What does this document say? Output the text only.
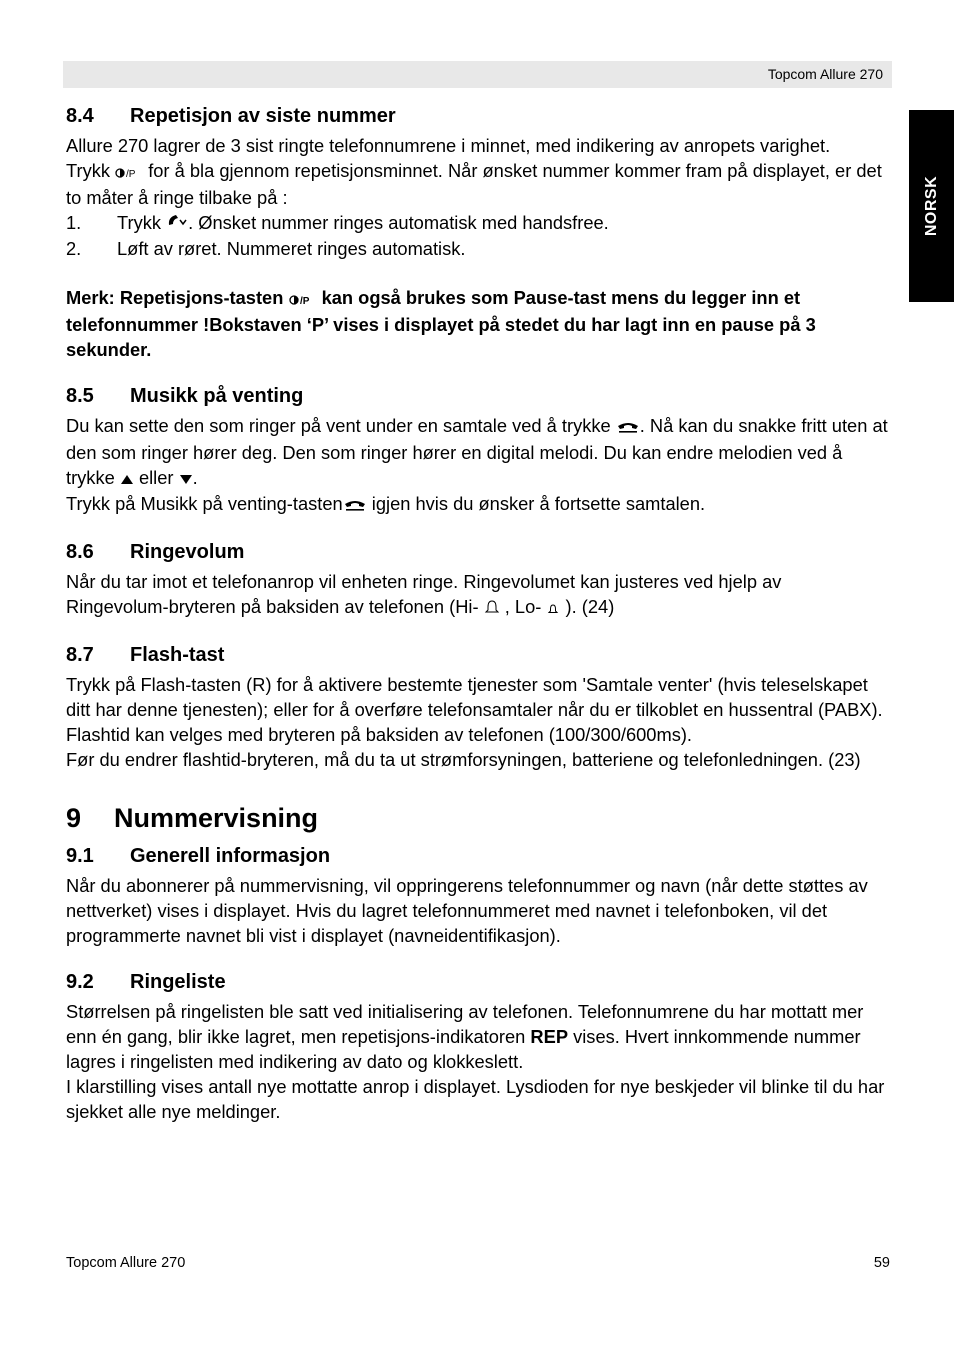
Topcom Allure 270
NORSK
8.4 Repetisjon av siste nummer

Allure 270 lagrer de 3 sist ringte telefonnumrene i minnet, med indikering av anropets varighet.

Trykk /P for å bla gjennom repetisjonsminnet. Når ønsket nummer kommer fram på displayet, er det to måter å ringe tilbake på :

1.	Trykk . Ønsket nummer ringes automatisk med handsfree.
2.	Løft av røret. Nummeret ringes automatisk.

Merk: Repetisjons-tasten /P kan også brukes som Pause-tast mens du legger inn et telefonnummer !Bokstaven ‘P’ vises i displayet på stedet du har lagt inn en pause på 3 sekunder.

8.5 Musikk på venting

Du kan sette den som ringer på vent under en samtale ved å trykke . Nå kan du snakke fritt uten at den som ringer hører deg. Den som ringer hører en digital melodi. Du kan endre melodien ved å trykke eller .

Trykk på Musikk på venting-tasten igjen hvis du ønsker å fortsette samtalen.

8.6 Ringevolum

Når du tar imot et telefonanrop vil enheten ringe. Ringevolumet kan justeres ved hjelp av Ringevolum-bryteren på baksiden av telefonen (Hi- , Lo- ). (24)

8.7 Flash-tast

Trykk på Flash-tasten (R) for å aktivere bestemte tjenester som 'Samtale venter' (hvis teleselskapet ditt har denne tjenesten); eller for å overføre telefonsamtaler når du er tilkoblet en hussentral (PABX).

Flashtid kan velges med bryteren på baksiden av telefonen (100/300/600ms).

Før du endrer flashtid-bryteren, må du ta ut strømforsyningen, batteriene og telefonledningen. (23)

9 Nummervisning
9.1 Generell informasjon

Når du abonnerer på nummervisning, vil oppringerens telefonnummer og navn (når dette støttes av nettverket) vises i displayet. Hvis du lagret telefonnummeret med navnet i telefonboken, vil det programmerte navnet bli vist i displayet (navneidentifikasjon).

9.2 Ringeliste

Størrelsen på ringelisten ble satt ved initialisering av telefonen. Telefonnumrene du har mottatt mer enn én gang, blir ikke lagret, men repetisjons-indikatoren REP vises. Hvert innkommende nummer lagres i ringelisten med indikering av dato og klokkeslett.

I klarstilling vises antall nye mottatte anrop i displayet. Lysdioden for nye beskjeder vil blinke til du har sjekket alle nye meldinger.

Topcom Allure 270	59
